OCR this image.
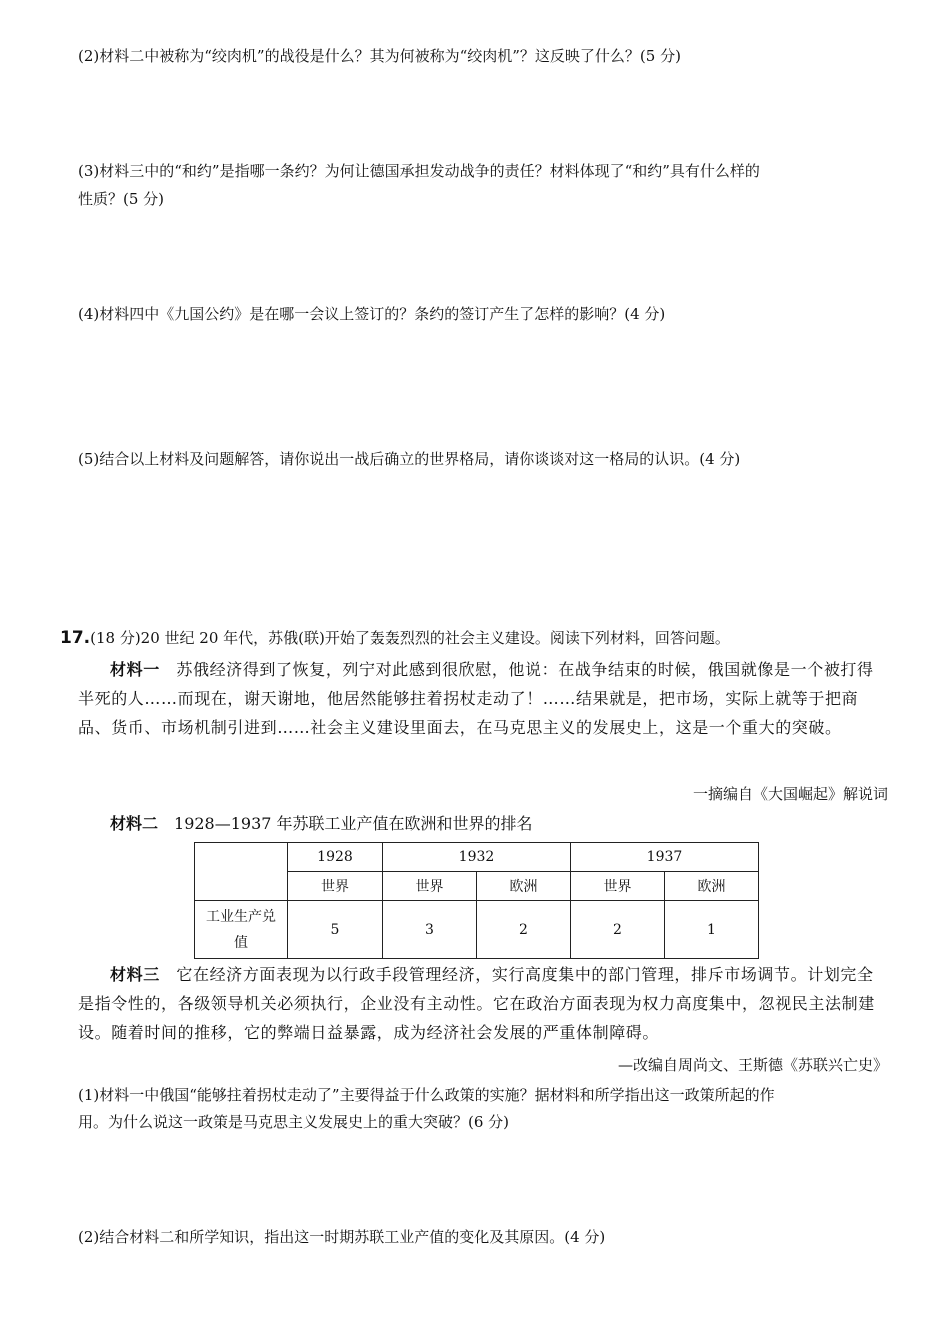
(2)材料二中被称为“绞肉机”的战役是什么？其为何被称为“绞肉机”？这反映了什么？(5 分)
(3)材料三中的“和约”是指哪一条约？为何让德国承担发动战争的责任？材料体现了“和约”具有什么样的
性质？(5 分)
(4)材料四中《九国公约》是在哪一会议上签订的？条约的签订产生了怎样的影响？(4 分)
(5)结合以上材料及问题解答，请你说出一战后确立的世界格局，请你谈谈对这一格局的认识。(4 分)
17.(18 分)20 世纪 20 年代，苏俄(联)开始了轰轰烈烈的社会主义建设。阅读下列材料，回答问题。
材料一　苏俄经济得到了恢复，列宁对此感到很欣慰，他说：在战争结束的时候，俄国就像是一个被打得半死的人……而现在，谢天谢地，他居然能够拄着拐杖走动了！……结果就是，把市场，实际上就等于把商品、货币、市场机制引进到……社会主义建设里面去，在马克思主义的发展史上，这是一个重大的突破。
一摘编自《大国崛起》解说词
材料二　1928—1937 年苏联工业产值在欧洲和世界的排名
	1928	1932		1937	
	世界	世界	欧洲	世界	欧洲
工业生产兑值	5	3	2	2	1
材料三　它在经济方面表现为以行政手段管理经济，实行高度集中的部门管理，排斥市场调节。计划完全是指令性的，各级领导机关必须执行，企业没有主动性。它在政治方面表现为权力高度集中，忽视民主法制建设。随着时间的推移，它的弊端日益暴露，成为经济社会发展的严重体制障碍。
—改编自周尚文、王斯德《苏联兴亡史》
(1)材料一中俄国“能够拄着拐杖走动了”主要得益于什么政策的实施？据材料和所学指出这一政策所起的作
用。为什么说这一政策是马克思主义发展史上的重大突破？(6 分)
(2)结合材料二和所学知识，指出这一时期苏联工业产值的变化及其原因。(4 分)
